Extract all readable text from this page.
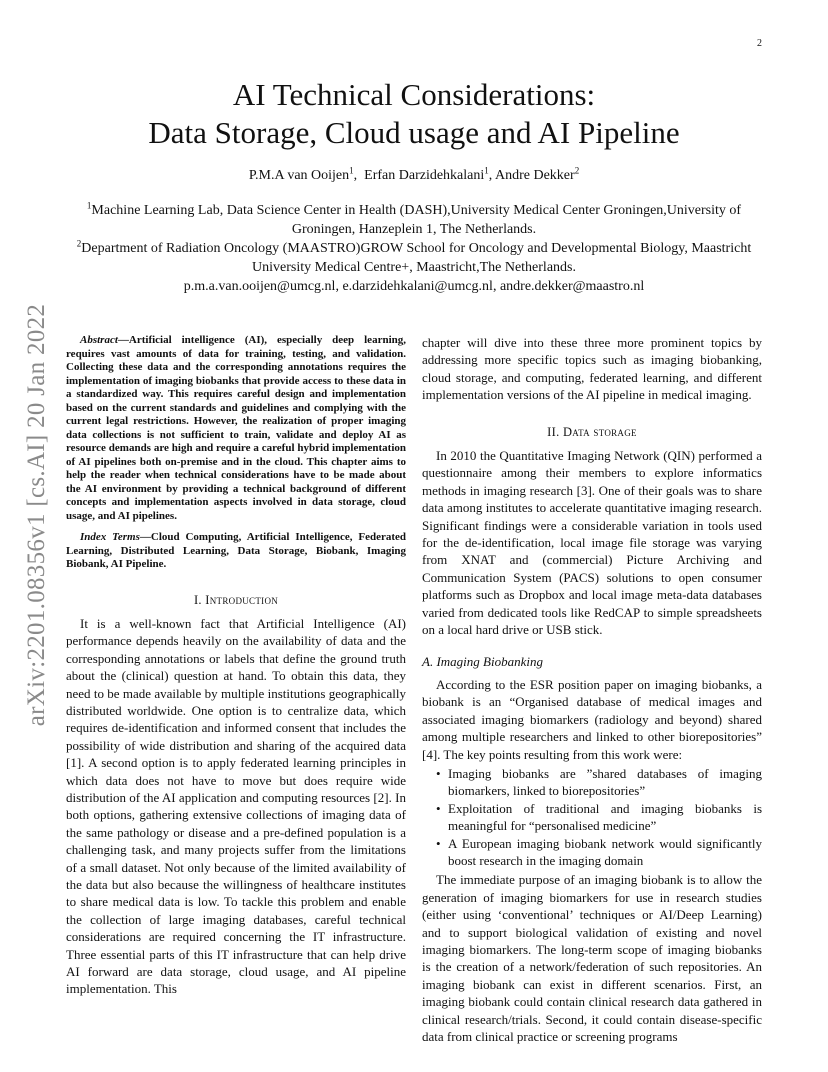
2
arXiv:2201.08356v1 [cs.AI] 20 Jan 2022
AI Technical Considerations:
Data Storage, Cloud usage and AI Pipeline
P.M.A van Ooijen$^1$,  Erfan Darzidehkalani$^1$, Andre Dekker$^2$
$^1$Machine Learning Lab, Data Science Center in Health (DASH),University Medical Center Groningen,University of Groningen, Hanzeplein 1, The Netherlands.
$^2$Department of Radiation Oncology (MAASTRO)GROW School for Oncology and Developmental Biology, Maastricht University Medical Centre+, Maastricht,The Netherlands.
p.m.a.van.ooijen@umcg.nl, e.darzidehkalani@umcg.nl, andre.dekker@maastro.nl

Abstract—Artificial intelligence (AI), especially deep learning, requires vast amounts of data for training, testing, and validation. Collecting these data and the corresponding annotations requires the implementation of imaging biobanks that provide access to these data in a standardized way. This requires careful design and implementation based on the current standards and guidelines and complying with the current legal restrictions. However, the realization of proper imaging data collections is not sufficient to train, validate and deploy AI as resource demands are high and require a careful hybrid implementation of AI pipelines both on-premise and in the cloud. This chapter aims to help the reader when technical considerations have to be made about the AI environment by providing a technical background of different concepts and implementation aspects involved in data storage, cloud usage, and AI pipelines.

Index Terms—Cloud Computing, Artificial Intelligence, Federated Learning, Distributed Learning, Data Storage, Biobank, Imaging Biobank, AI Pipeline.

I. Introduction

It is a well-known fact that Artificial Intelligence (AI) performance depends heavily on the availability of data and the corresponding annotations or labels that define the ground truth about the (clinical) question at hand. To obtain this data, they need to be made available by multiple institutions geographically distributed worldwide. One option is to centralize data, which requires de-identification and informed consent that includes the possibility of wide distribution and sharing of the acquired data [1]. A second option is to apply federated learning principles in which data does not have to move but does require wide distribution of the AI application and computing resources [2]. In both options, gathering extensive collections of imaging data of the same pathology or disease and a pre-defined population is a challenging task, and many projects suffer from the limitations of a small dataset. Not only because of the limited availability of the data but also because the willingness of healthcare institutes to share medical data is low. To tackle this problem and enable the collection of large imaging databases, careful technical considerations are required concerning the IT infrastructure. Three essential parts of this IT infrastructure that can help drive AI forward are data storage, cloud usage, and AI pipeline implementation. This

chapter will dive into these three more prominent topics by addressing more specific topics such as imaging biobanking, cloud storage, and computing, federated learning, and different implementation versions of the AI pipeline in medical imaging.

II. Data storage

In 2010 the Quantitative Imaging Network (QIN) performed a questionnaire among their members to explore informatics methods in imaging research [3]. One of their goals was to share data among institutes to accelerate quantitative imaging research. Significant findings were a considerable variation in tools used for the de-identification, local image file storage was varying from XNAT and (commercial) Picture Archiving and Communication System (PACS) solutions to open consumer platforms such as Dropbox and local image meta-data databases varied from dedicated tools like RedCAP to simple spreadsheets on a local hard drive or USB stick.

A. Imaging Biobanking

According to the ESR position paper on imaging biobanks, a biobank is an “Organised database of medical images and associated imaging biomarkers (radiology and beyond) shared among multiple researchers and linked to other biorepositories” [4]. The key points resulting from this work were:

• Imaging biobanks are ”shared databases of imaging biomarkers, linked to biorepositories”
• Exploitation of traditional and imaging biobanks is meaningful for “personalised medicine”
• A European imaging biobank network would significantly boost research in the imaging domain

The immediate purpose of an imaging biobank is to allow the generation of imaging biomarkers for use in research studies (either using ‘conventional’ techniques or AI/Deep Learning) and to support biological validation of existing and novel imaging biomarkers. The long-term scope of imaging biobanks is the creation of a network/federation of such repositories. An imaging biobank can exist in different scenarios. First, an imaging biobank could contain clinical research data gathered in clinical research/trials. Second, it could contain disease-specific data from clinical practice or screening programs
